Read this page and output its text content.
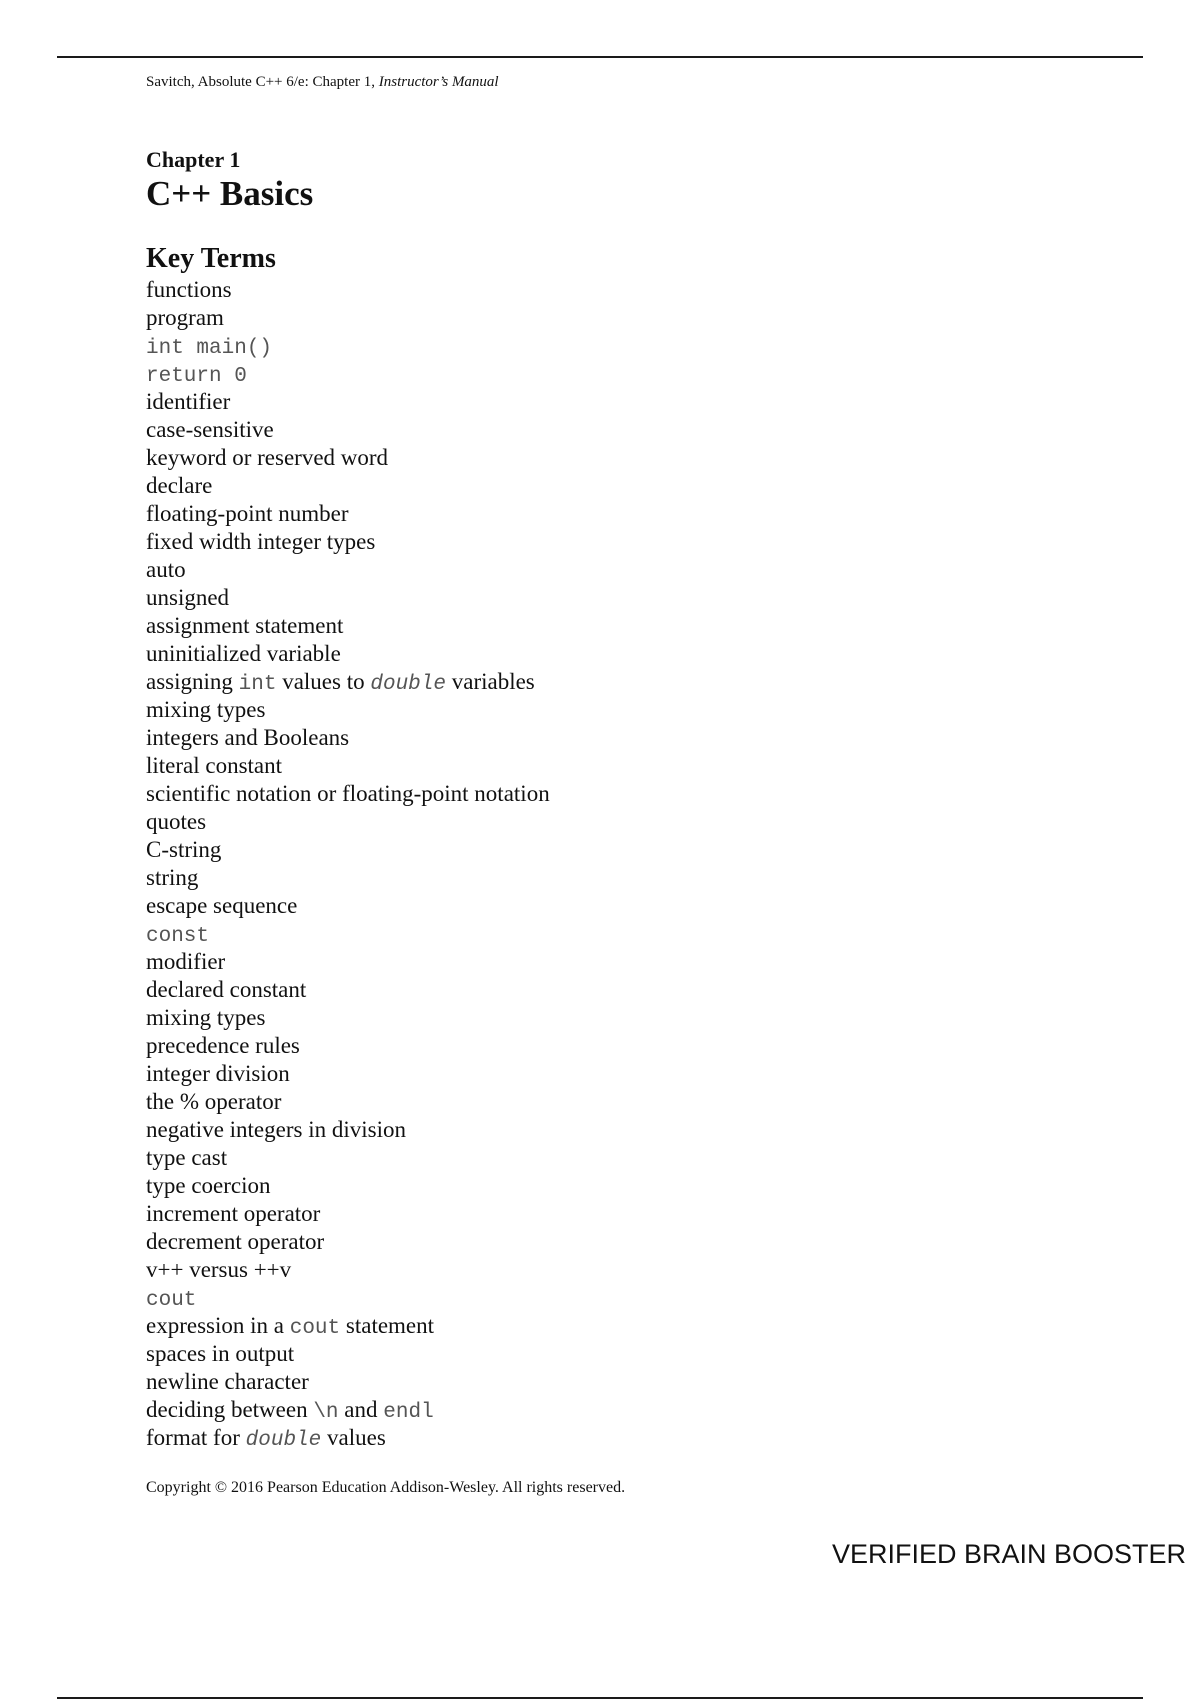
Savitch, Absolute C++ 6/e: Chapter 1, Instructor’s Manual
Chapter 1
C++ Basics
Key Terms
functions
program
int main()
return 0
identifier
case-sensitive
keyword or reserved word
declare
floating-point number
fixed width integer types
auto
unsigned
assignment statement
uninitialized variable
assigning int values to double variables
mixing types
integers and Booleans
literal constant
scientific notation or floating-point notation
quotes
C-string
string
escape sequence
const
modifier
declared constant
mixing types
precedence rules
integer division
the % operator
negative integers in division
type cast
type coercion
increment operator
decrement operator
v++ versus ++v
cout
expression in a cout statement
spaces in output
newline character
deciding between \n and endl
format for double values
Copyright © 2016 Pearson Education Addison-Wesley. All rights reserved.
VERIFIED BRAIN BOOSTER
